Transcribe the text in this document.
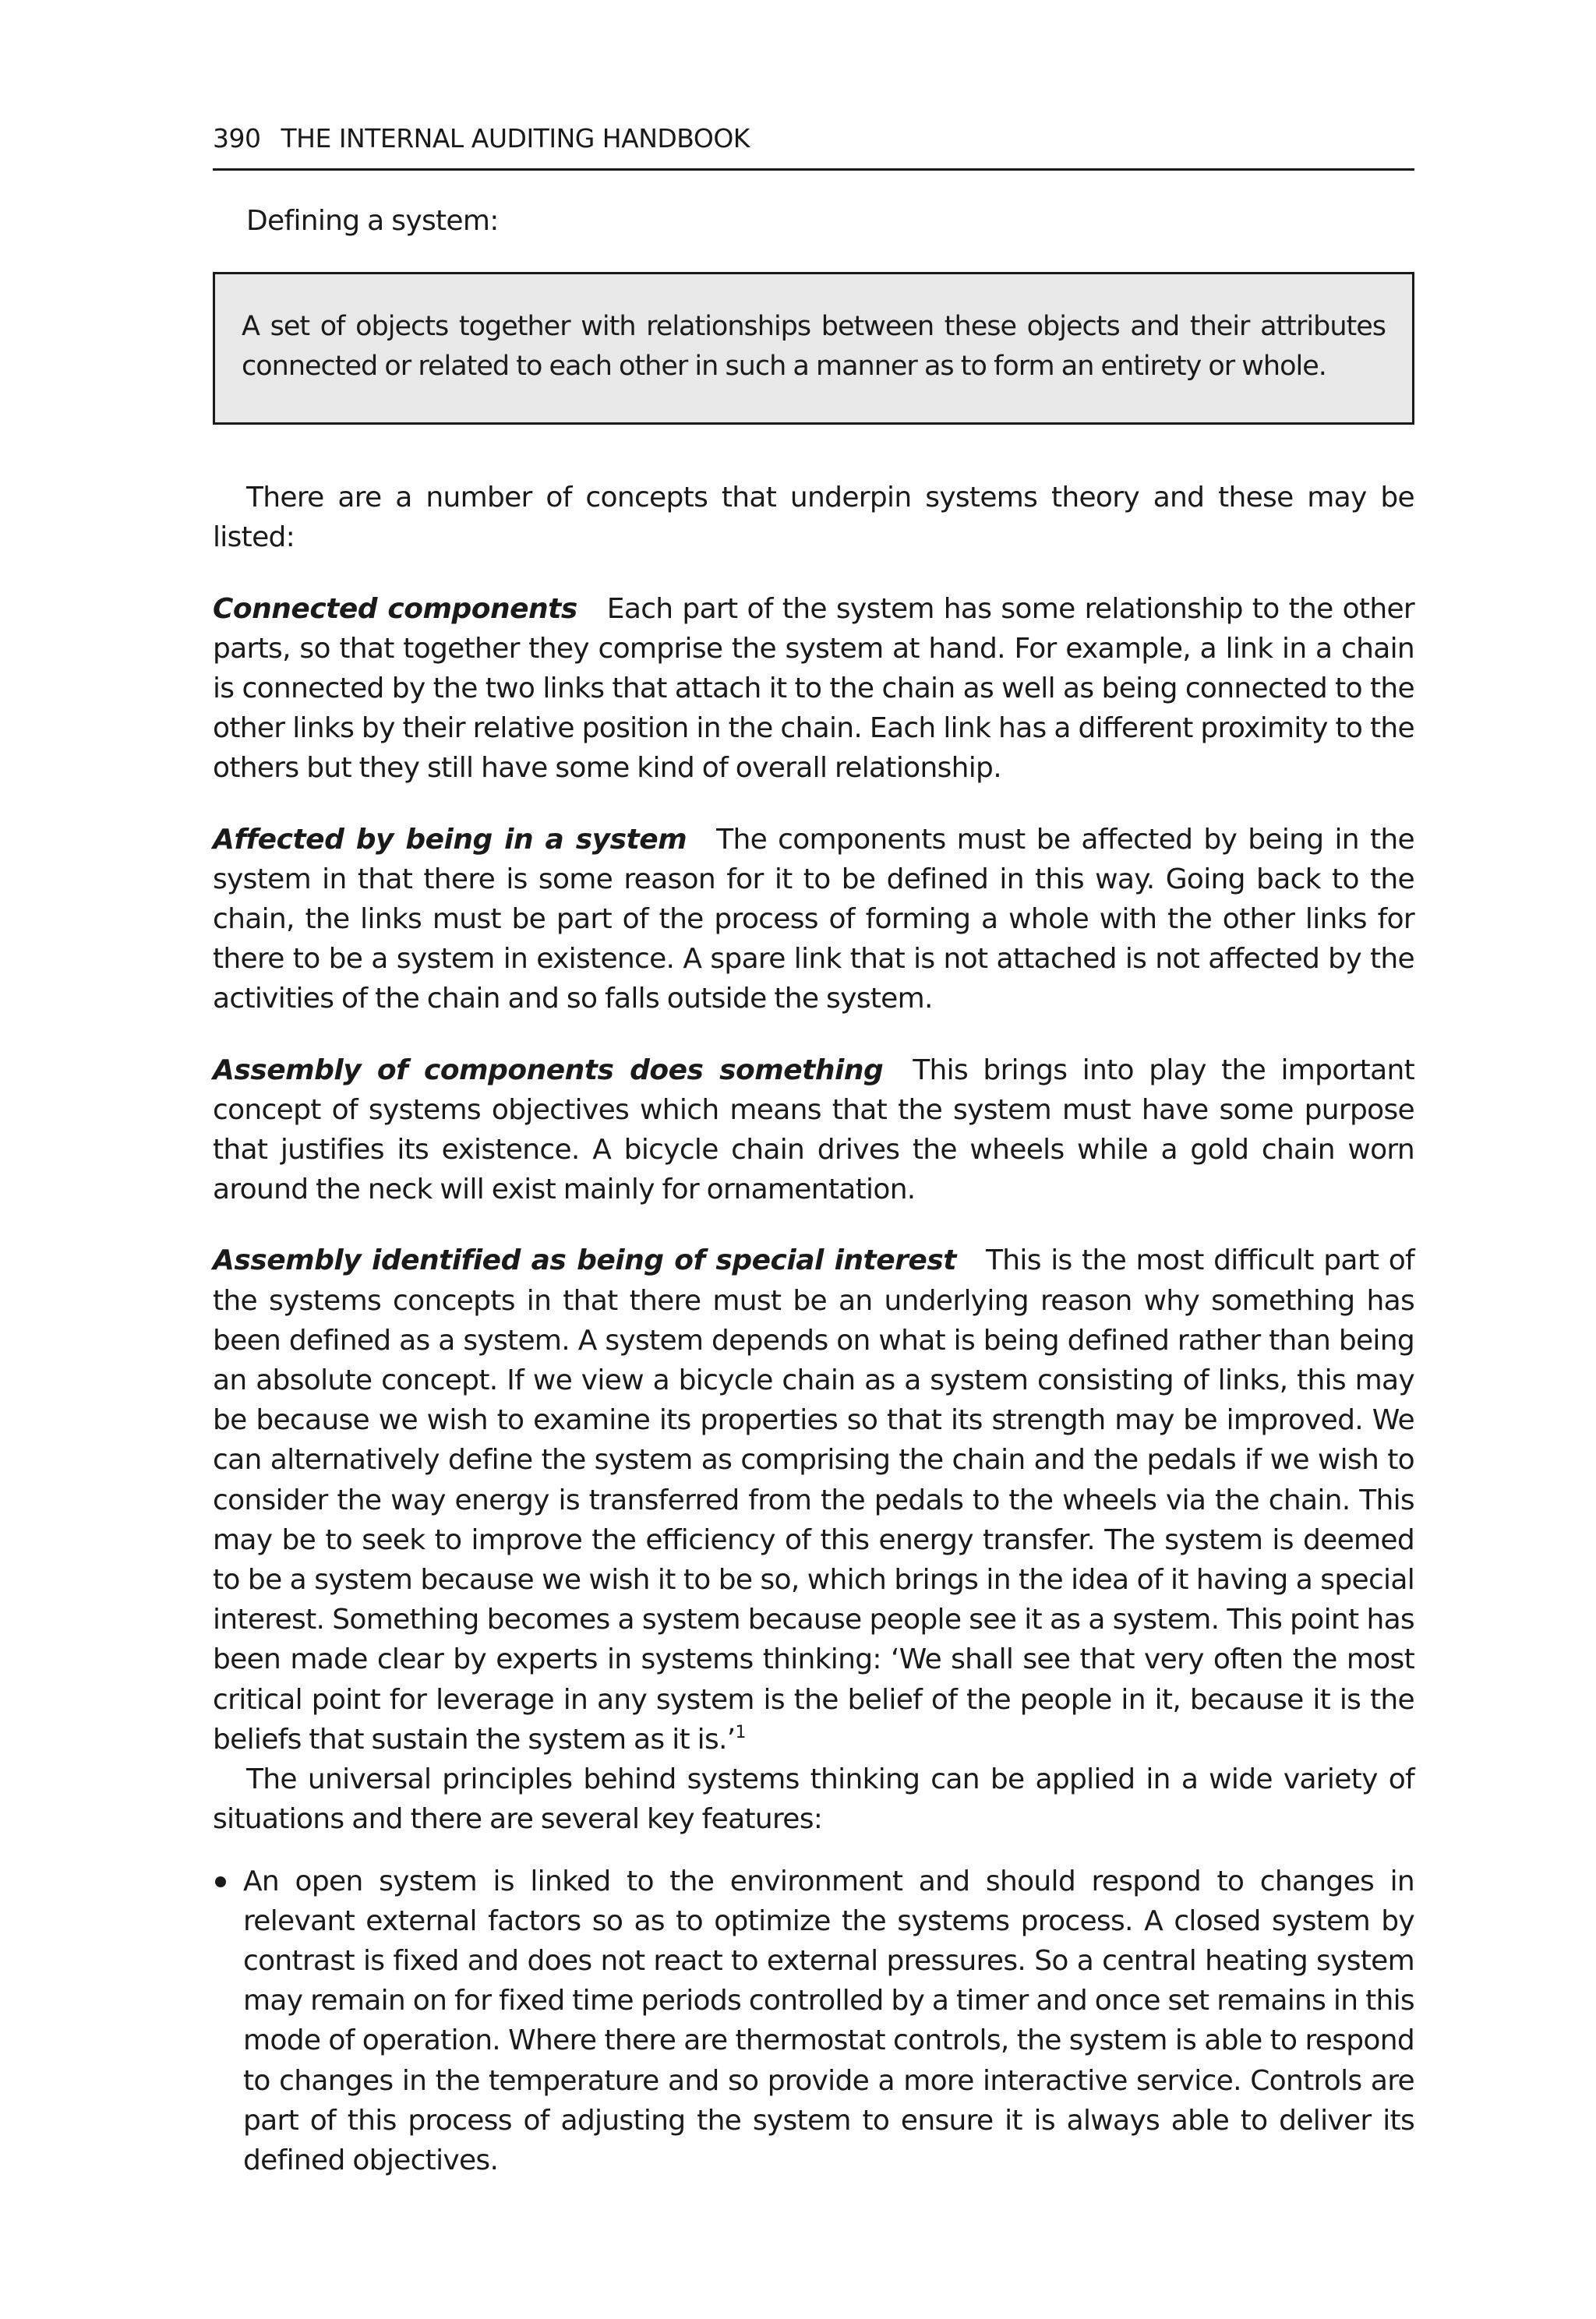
390 THE INTERNAL AUDITING HANDBOOK

Defining a system:

A set of objects together with relationships between these objects and their attributes connected or related to each other in such a manner as to form an entirety or whole.

There are a number of concepts that underpin systems theory and these may be listed:

Connected components Each part of the system has some relationship to the other parts, so that together they comprise the system at hand. For example, a link in a chain is connected by the two links that attach it to the chain as well as being connected to the other links by their relative position in the chain. Each link has a different proximity to the others but they still have some kind of overall relationship.

Affected by being in a system The components must be affected by being in the system in that there is some reason for it to be defined in this way. Going back to the chain, the links must be part of the process of forming a whole with the other links for there to be a system in existence. A spare link that is not attached is not affected by the activities of the chain and so falls outside the system.

Assembly of components does something This brings into play the important concept of systems objectives which means that the system must have some purpose that justifies its existence. A bicycle chain drives the wheels while a gold chain worn around the neck will exist mainly for ornamentation.

Assembly identified as being of special interest This is the most difficult part of the systems concepts in that there must be an underlying reason why something has been defined as a system. A system depends on what is being defined rather than being an absolute concept. If we view a bicycle chain as a system consisting of links, this may be because we wish to examine its properties so that its strength may be improved. We can alternatively define the system as comprising the chain and the pedals if we wish to consider the way energy is transferred from the pedals to the wheels via the chain. This may be to seek to improve the efficiency of this energy transfer. The system is deemed to be a system because we wish it to be so, which brings in the idea of it having a special interest. Something becomes a system because people see it as a system. This point has been made clear by experts in systems thinking: ‘We shall see that very often the most critical point for leverage in any system is the belief of the people in it, because it is the beliefs that sustain the system as it is.’$^1$

The universal principles behind systems thinking can be applied in a wide variety of situations and there are several key features:

An open system is linked to the environment and should respond to changes in relevant external factors so as to optimize the systems process. A closed system by contrast is fixed and does not react to external pressures. So a central heating system may remain on for fixed time periods controlled by a timer and once set remains in this mode of operation. Where there are thermostat controls, the system is able to respond to changes in the temperature and so provide a more interactive service. Controls are part of this process of adjusting the system to ensure it is always able to deliver its defined objectives.
